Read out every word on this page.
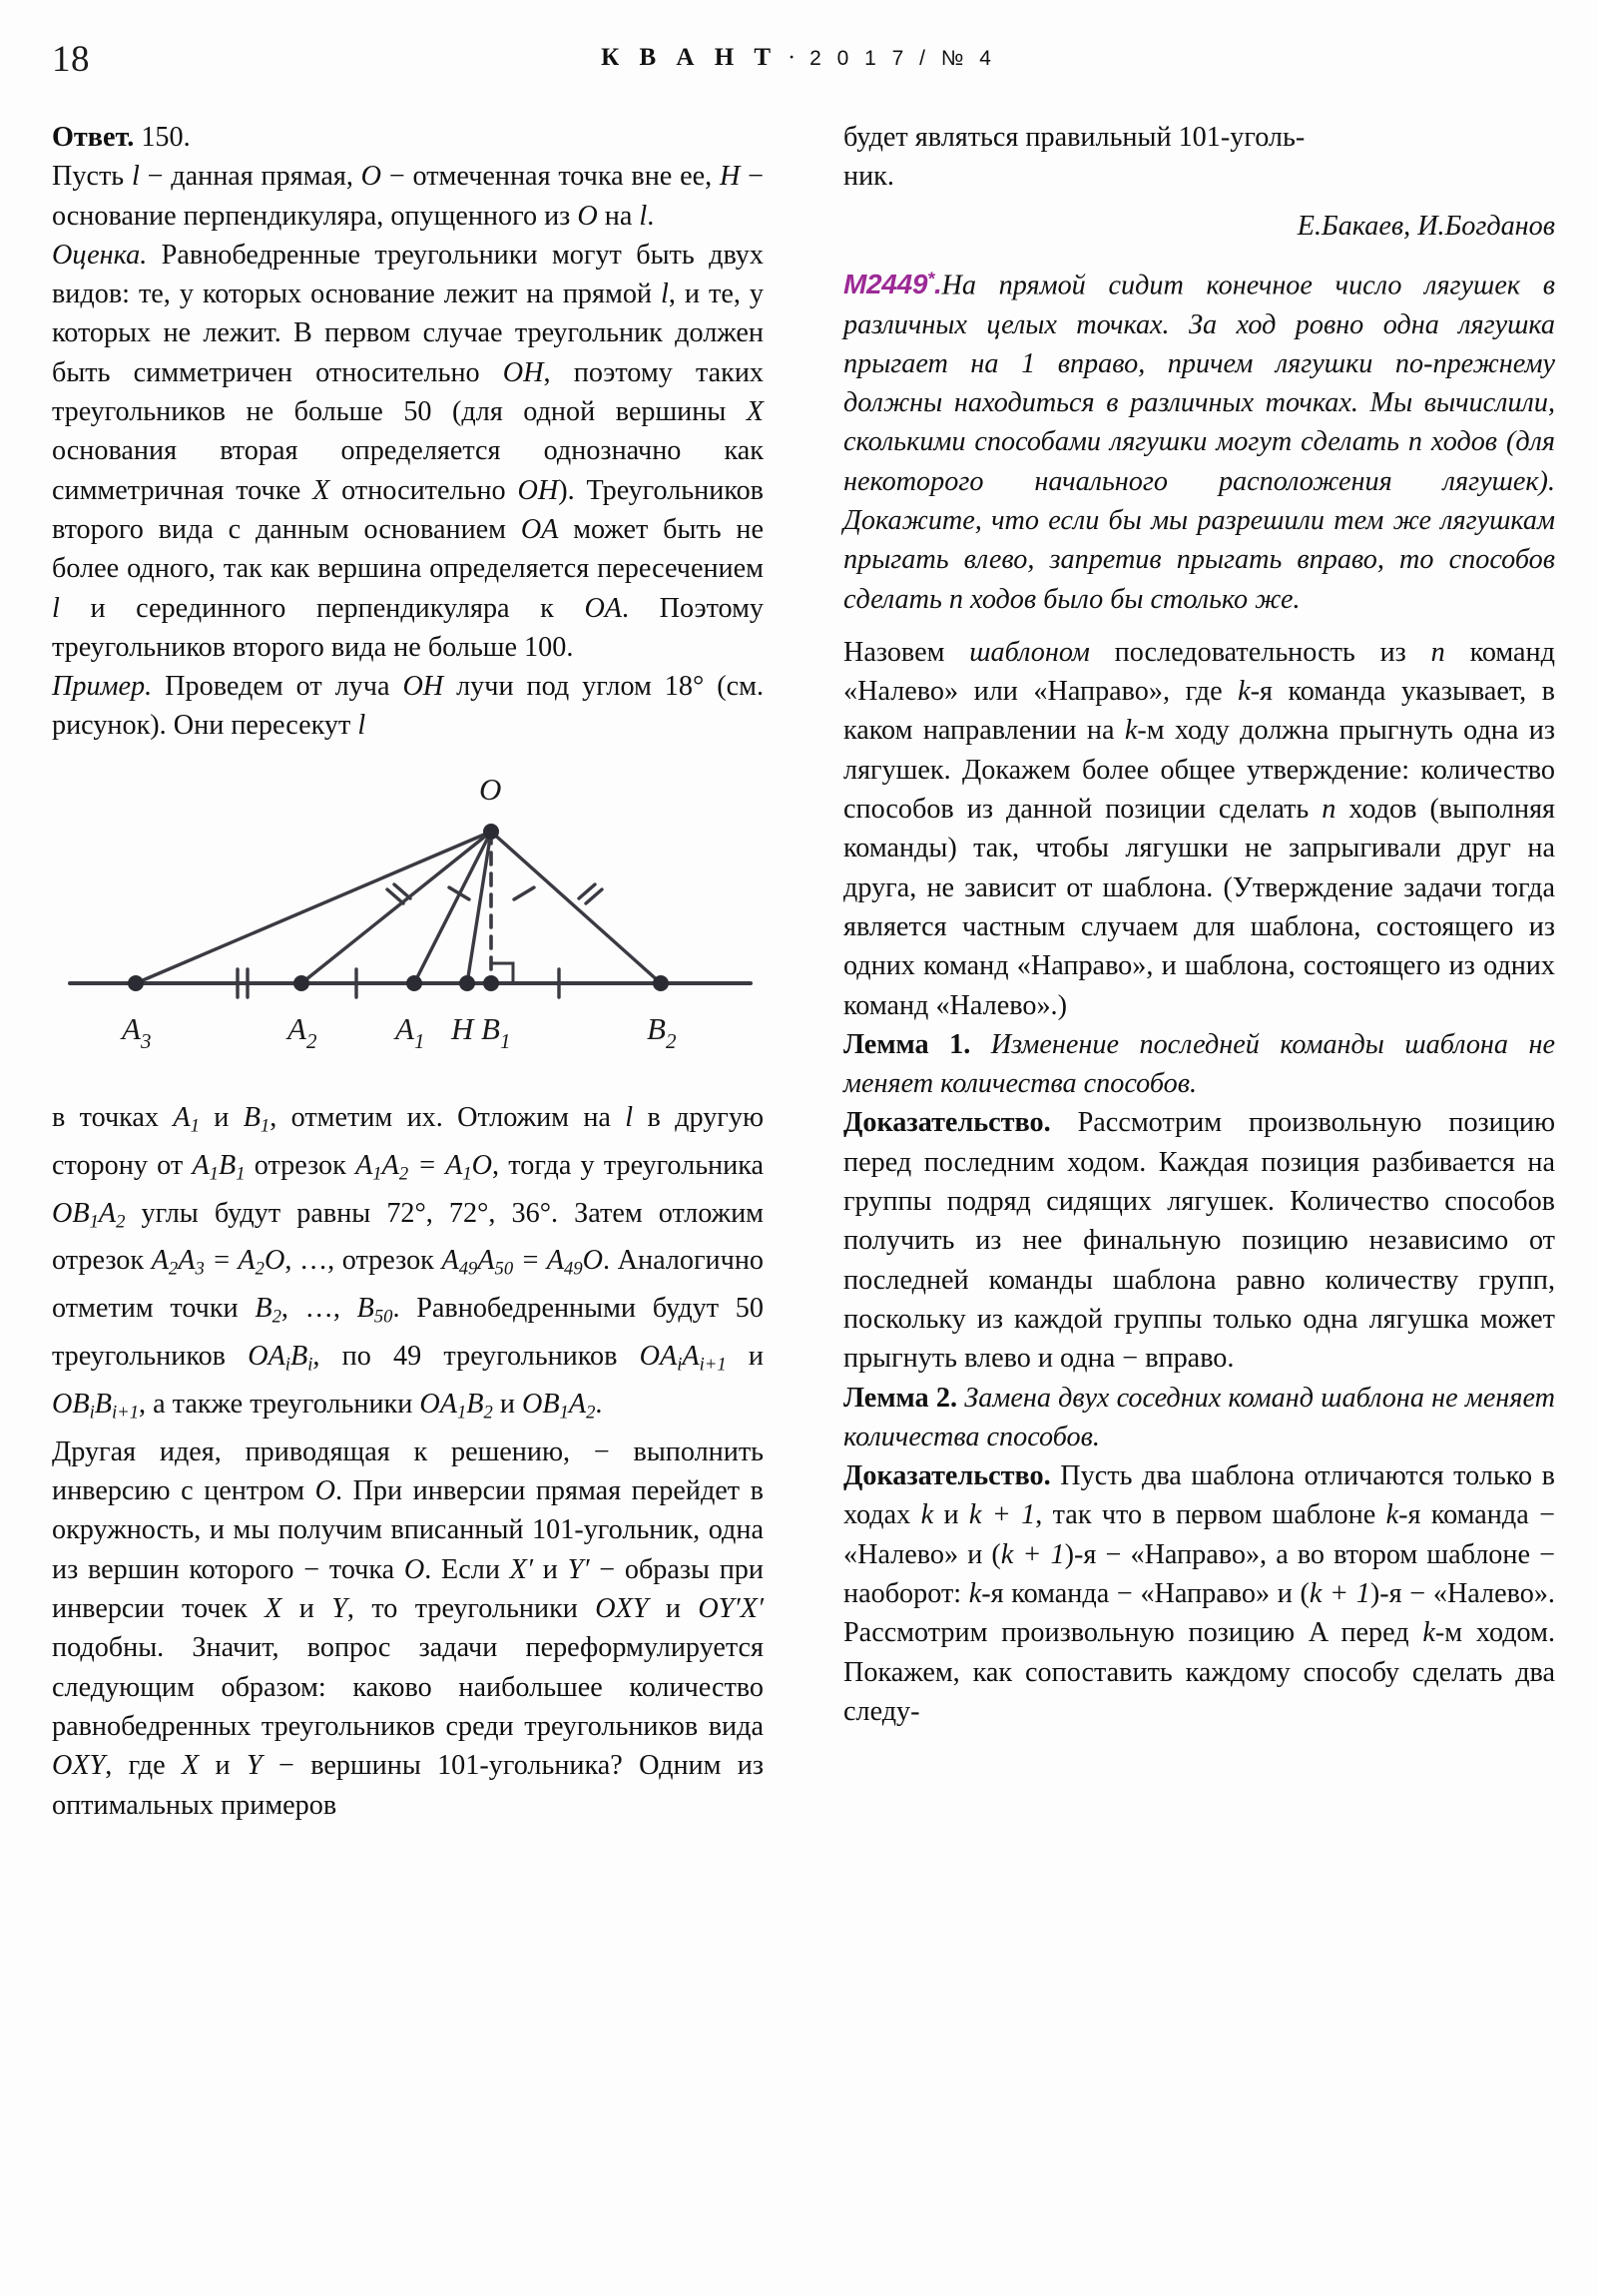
18	К В А Н Т · 2 0 1 7 / № 4

Ответ. 150.

Пусть l − данная прямая, O − отмеченная точка вне ее, H − основание перпендикуляра, опущенного из O на l.

Оценка. Равнобедренные треугольники могут быть двух видов: те, у которых основание лежит на прямой l, и те, у которых не лежит. В первом случае треугольник должен быть симметричен относительно OH, поэтому таких треугольников не больше 50 (для одной вершины X основания вторая определяется однозначно как симметричная точке X относительно OH). Треугольников второго вида с данным основанием OA может быть не более одного, так как вершина определяется пересечением l и серединного перпендикуляра к OA. Поэтому треугольников второго вида не больше 100.

Пример. Проведем от луча OH лучи под углом 18° (см. рисунок). Они пересекут l

O
$A_3$	$A_2$	$A_1$ H $B_1$	$B_2$

в точках $A_1$ и $B_1$, отметим их. Отложим на l в другую сторону от $A_1B_1$ отрезок $A_1A_2 = A_1O$, тогда у треугольника $OB_1A_2$ углы будут равны 72°, 72°, 36°. Затем отложим отрезок $A_2A_3 = A_2O$, …, отрезок $A_{49}A_{50} = A_{49}O$. Аналогично отметим точки $B_2$, …, $B_{50}$. Равнобедренными будут 50 треугольников $OA_iB_i$, по 49 треугольников $OA_iA_{i+1}$ и $OB_iB_{i+1}$, а также треугольники $OA_1B_2$ и $OB_1A_2$.

Другая идея, приводящая к решению, − выполнить инверсию с центром O. При инверсии прямая перейдет в окружность, и мы получим вписанный 101-угольник, одна из вершин которого − точка O. Если X′ и Y′ − образы при инверсии точек X и Y, то треугольники OXY и OY′X′ подобны. Значит, вопрос задачи переформулируется следующим образом: каково наибольшее количество равнобедренных треугольников среди треугольников вида OXY, где X и Y − вершины 101-угольника? Одним из оптимальных примеров

будет являться правильный 101-уголь-

ник.

Е.Бакаев, И.Богданов

M2449*.На прямой сидит конечное число лягушек в различных целых точках. За ход ровно одна лягушка прыгает на 1 вправо, причем лягушки по-прежнему должны находиться в различных точках. Мы вычислили, сколькими способами лягушки могут сделать n ходов (для некоторого начального расположения лягушек). Докажите, что если бы мы разрешили тем же лягушкам прыгать влево, запретив прыгать вправо, то способов сделать n ходов было бы столько же.

Назовем шаблоном последовательность из n команд «Налево» или «Направо», где k-я команда указывает, в каком направлении на k-м ходу должна прыгнуть одна из лягушек. Докажем более общее утверждение: количество способов из данной позиции сделать n ходов (выполняя команды) так, чтобы лягушки не запрыгивали друг на друга, не зависит от шаблона. (Утверждение задачи тогда является частным случаем для шаблона, состоящего из одних команд «Направо», и шаблона, состоящего из одних команд «Налево».)

Лемма 1. Изменение последней команды шаблона не меняет количества способов.

Доказательство. Рассмотрим произвольную позицию перед последним ходом. Каждая позиция разбивается на группы подряд сидящих лягушек. Количество способов получить из нее финальную позицию независимо от последней команды шаблона равно количеству групп, поскольку из каждой группы только одна лягушка может прыгнуть влево и одна − вправо.

Лемма 2. Замена двух соседних команд шаблона не меняет количества способов.

Доказательство. Пусть два шаблона отличаются только в ходах k и k + 1, так что в первом шаблоне k-я команда − «Налево» и (k + 1)-я − «Направо», а во втором шаблоне − наоборот: k-я команда − «Направо» и (k + 1)-я − «Налево». Рассмотрим произвольную позицию A перед k-м ходом. Покажем, как сопоставить каждому способу сделать два следу-
